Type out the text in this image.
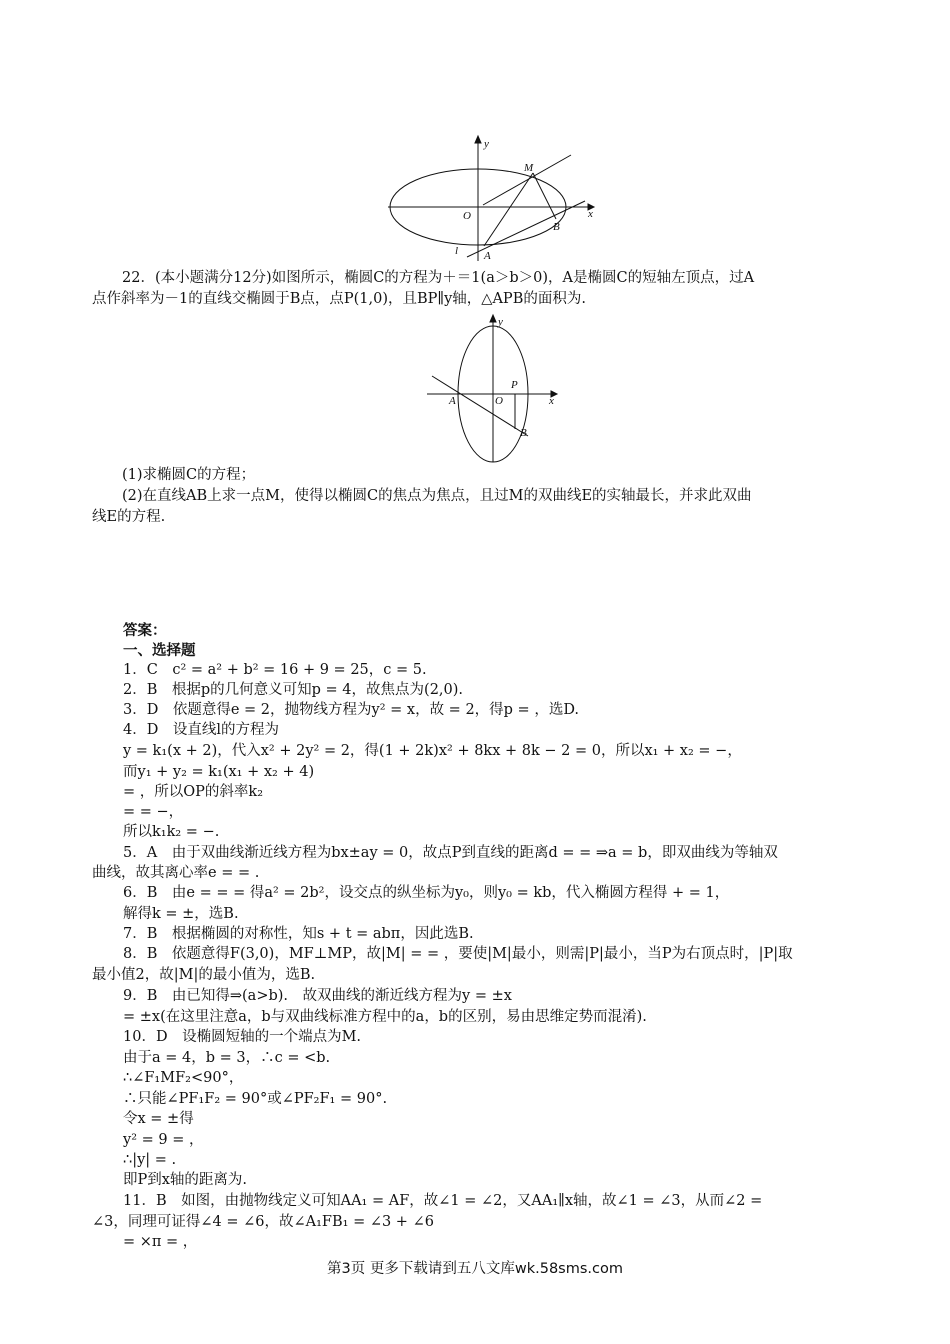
y
M
O	x
B
l A

22．(本小题满分12分)如图所示，椭圆C的方程为＋＝1(a＞b＞0)，A是椭圆C的短轴左顶点，过A

点作斜率为－1的直线交椭圆于B点，点P(1,0)，且BP∥y轴，△APB的面积为.

y
P
A	O	x
B

(1)求椭圆C的方程；

(2)在直线AB上求一点M，使得以椭圆C的焦点为焦点，且过M的双曲线E的实轴最长，并求此双曲

线E的方程.

答案：
一、选择题
1．C　c² = a² + b² = 16 + 9 = 25，c = 5.
2．B　根据p的几何意义可知p = 4，故焦点为(2,0).
3．D　依题意得e = 2，抛物线方程为y² = x，故 = 2，得p = ，选D.
4．D　设直线l的方程为
y = k₁(x + 2)，代入x² + 2y² = 2，得(1 + 2k)x² + 8kx + 8k − 2 = 0，所以x₁ + x₂ = −，
而y₁ + y₂ = k₁(x₁ + x₂ + 4)
= ，所以OP的斜率k₂
= = −，
所以k₁k₂ = −.
5．A　由于双曲线渐近线方程为bx±ay = 0，故点P到直线的距离d = = ⇒a = b，即双曲线为等轴双
曲线，故其离心率e = = .
6．B　由e = = = 得a² = 2b²，设交点的纵坐标为y₀，则y₀ = kb，代入椭圆方程得 + = 1，
解得k = ±，选B.
7．B　根据椭圆的对称性，知s + t = abπ，因此选B.
8．B　依题意得F(3,0)，MF⊥MP，故|M| = = ，要使|M|最小，则需|P|最小，当P为右顶点时，|P|取
最小值2，故|M|的最小值为，选B.
9．B　由已知得⇒(a>b).　故双曲线的渐近线方程为y = ±x
= ±x(在这里注意a，b与双曲线标准方程中的a，b的区别，易由思维定势而混淆).
10．D　设椭圆短轴的一个端点为M.
由于a = 4，b = 3，∴c = <b.
∴∠F₁MF₂<90°，
∴只能∠PF₁F₂ = 90°或∠PF₂F₁ = 90°.
令x = ±得
y² = 9 = ，
∴|y| = .
即P到x轴的距离为.
11．B　如图，由抛物线定义可知AA₁ = AF，故∠1 = ∠2，又AA₁∥x轴，故∠1 = ∠3，从而∠2 =
∠3，同理可证得∠4 = ∠6，故∠A₁FB₁ = ∠3 + ∠6
= ×π = ，
第3页 更多下载请到五八文库wk.58sms.com
